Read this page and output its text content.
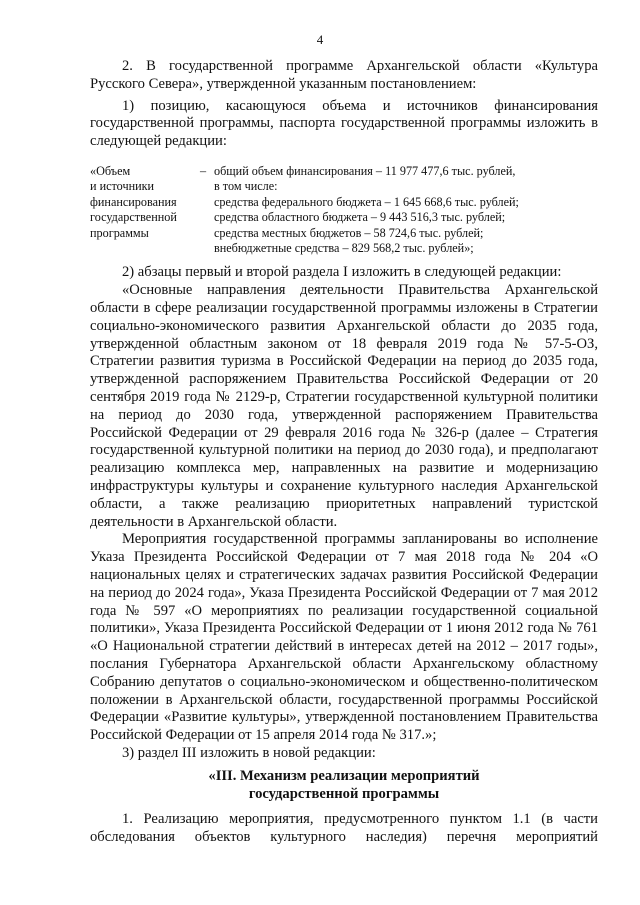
4

2. В государственной программе Архангельской области «Культура Русского Севера», утвержденной указанным постановлением:

1) позицию, касающуюся объема и источников финансирования государственной программы, паспорта государственной программы изложить в следующей редакции:

«Объем
и источники
финансирования
государственной
программы
– общий объем финансирования – 11 977 477,6 тыс. рублей,
в том числе:
средства федерального бюджета – 1 645 668,6 тыс. рублей;
средства областного бюджета – 9 443 516,3 тыс. рублей;
средства местных бюджетов – 58 724,6 тыс. рублей;
внебюджетные средства – 829 568,2 тыс. рублей»;

2) абзацы первый и второй раздела I изложить в следующей редакции:

«Основные направления деятельности Правительства Архангельской области в сфере реализации государственной программы изложены в Стратегии социально-экономического развития Архангельской области до 2035 года, утвержденной областным законом от 18 февраля 2019 года № 57-5-ОЗ, Стратегии развития туризма в Российской Федерации на период до 2035 года, утвержденной распоряжением Правительства Российской Федерации от 20 сентября 2019 года № 2129-р, Стратегии государственной культурной политики на период до 2030 года, утвержденной распоряжением Правительства Российской Федерации от 29 февраля 2016 года № 326-р (далее – Стратегия государственной культурной политики на период до 2030 года), и предполагают реализацию комплекса мер, направленных на развитие и модернизацию инфраструктуры культуры и сохранение культурного наследия Архангельской области, а также реализацию приоритетных направлений туристской деятельности в Архангельской области.

Мероприятия государственной программы запланированы во исполнение Указа Президента Российской Федерации от 7 мая 2018 года № 204 «О национальных целях и стратегических задачах развития Российской Федерации на период до 2024 года», Указа Президента Российской Федерации от 7 мая 2012 года № 597 «О мероприятиях по реализации государственной социальной политики», Указа Президента Российской Федерации от 1 июня 2012 года № 761 «О Национальной стратегии действий в интересах детей на 2012 – 2017 годы», послания Губернатора Архангельской области Архангельскому областному Собранию депутатов о социально-экономическом и общественно-политическом положении в Архангельской области, государственной программы Российской Федерации «Развитие культуры», утвержденной постановлением Правительства Российской Федерации от 15 апреля 2014 года № 317.»;

3) раздел III изложить в новой редакции:

«III. Механизм реализации мероприятий
государственной программы

1. Реализацию мероприятия, предусмотренного пунктом 1.1 (в части обследования объектов культурного наследия) перечня мероприятий
